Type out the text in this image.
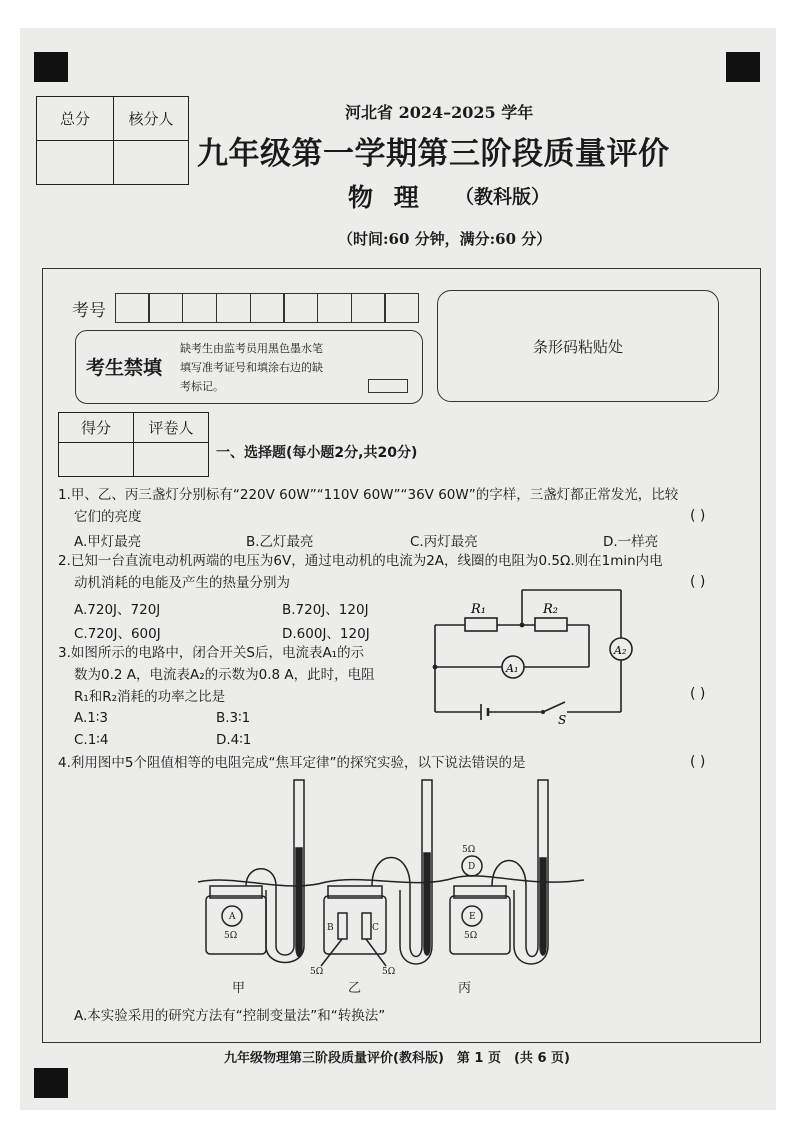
总分	核分人
		河北省 2024–2025 学年
九年级第一学期第三阶段质量评价
物 理 （教科版）
（时间:60 分钟，满分:60 分）
考号
考生禁填
缺考生由监考员用黑色墨水笔
填写准考证号和填涂右边的缺
考标记。
条形码粘贴处
得分	评卷人

一、选择题(每小题2分,共20分)
1.甲、乙、丙三盏灯分别标有“220V 60W”“110V 60W”“36V 60W”的字样，三盏灯都正常发光，比较
它们的亮度	( )
A.甲灯最亮	B.乙灯最亮	C.丙灯最亮	D.一样亮
2.已知一台直流电动机两端的电压为6V，通过电动机的电流为2A，线圈的电阻为0.5Ω.则在1min内电
动机消耗的电能及产生的热量分别为	( )
A.720J、720J	B.720J、120J
C.720J、600J	D.600J、120J
3.如图所示的电路中，闭合开关S后，电流表A₁的示
数为0.2 A，电流表A₂的示数为0.8 A，此时，电阻
R₁和R₂消耗的功率之比是	( )
A.1∶3	B.3∶1
C.1∶4	D.4∶1
R₁	R₂
A₁
A₂
S
4.利用图中5个阻值相等的电阻完成“焦耳定律”的探究实验，以下说法错误的是	( )
A
5Ω
B	C
5Ω	5Ω
D
5Ω
E
5Ω
甲	乙	丙
A.本实验采用的研究方法有“控制变量法”和“转换法”
九年级物理第三阶段质量评价(教科版)　第 1 页　(共 6 页)
